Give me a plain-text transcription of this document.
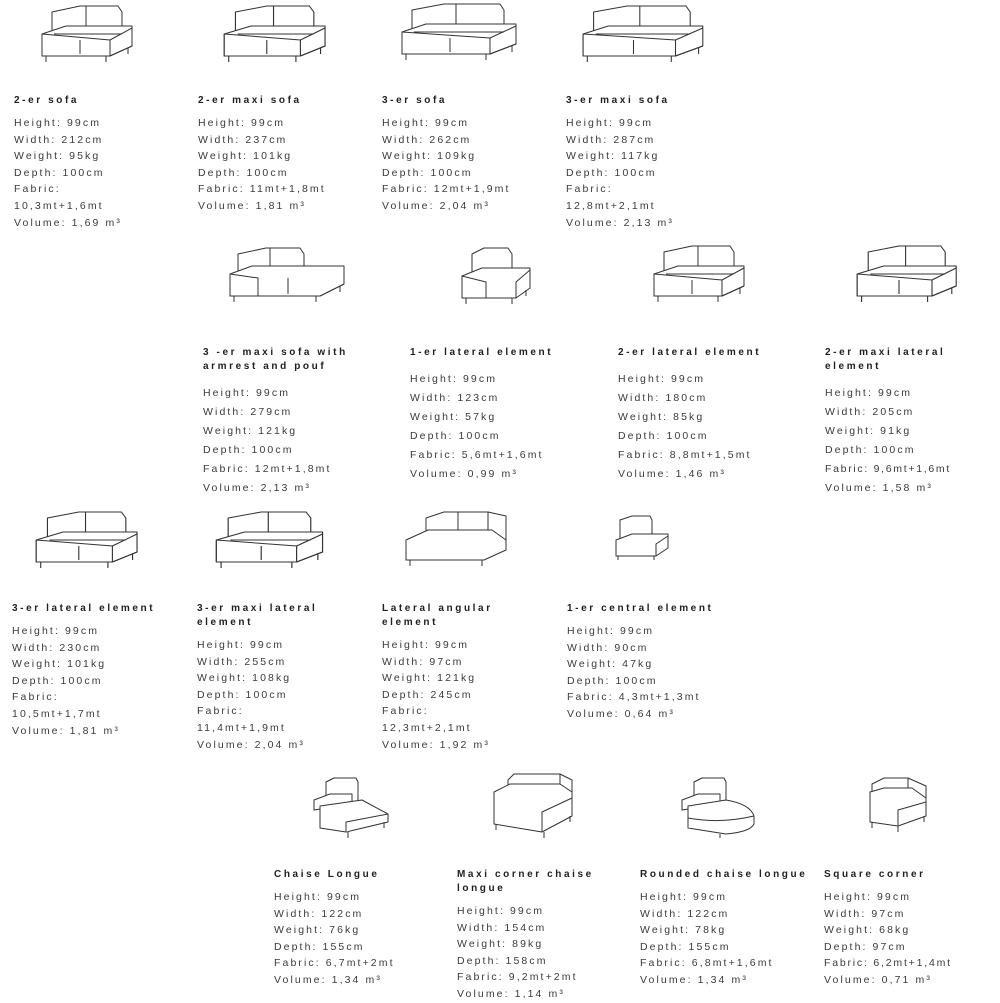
2-er sofa
Height: 99cm
Width: 212cm
Weight: 95kg
Depth: 100cm
Fabric:
10,3mt+1,6mt
Volume: 1,69 m³
2-er maxi sofa
Height: 99cm
Width: 237cm
Weight: 101kg
Depth: 100cm
Fabric: 11mt+1,8mt
Volume: 1,81 m³
3-er sofa
Height: 99cm
Width: 262cm
Weight: 109kg
Depth: 100cm
Fabric: 12mt+1,9mt
Volume: 2,04 m³
3-er maxi sofa
Height: 99cm
Width: 287cm
Weight: 117kg
Depth: 100cm
Fabric:
12,8mt+2,1mt
Volume: 2,13 m³
3 -er maxi sofa with armrest and pouf
Height: 99cm
Width: 279cm
Weight: 121kg
Depth: 100cm
Fabric: 12mt+1,8mt
Volume: 2,13 m³
1-er lateral element
Height: 99cm
Width: 123cm
Weight: 57kg
Depth: 100cm
Fabric: 5,6mt+1,6mt
Volume: 0,99 m³
2-er lateral element
Height: 99cm
Width: 180cm
Weight: 85kg
Depth: 100cm
Fabric: 8,8mt+1,5mt
Volume: 1,46 m³
2-er maxi lateral element
Height: 99cm
Width: 205cm
Weight: 91kg
Depth: 100cm
Fabric: 9,6mt+1,6mt
Volume: 1,58 m³
3-er lateral element
Height: 99cm
Width: 230cm
Weight: 101kg
Depth: 100cm
Fabric:
10,5mt+1,7mt
Volume: 1,81 m³
3-er maxi lateral element
Height: 99cm
Width: 255cm
Weight: 108kg
Depth: 100cm
Fabric:
11,4mt+1,9mt
Volume: 2,04 m³
Lateral angular element
Height: 99cm
Width: 97cm
Weight: 121kg
Depth: 245cm
Fabric:
12,3mt+2,1mt
Volume: 1,92 m³
1-er central element
Height: 99cm
Width: 90cm
Weight: 47kg
Depth: 100cm
Fabric: 4,3mt+1,3mt
Volume: 0,64 m³
Chaise Longue
Height: 99cm
Width: 122cm
Weight: 76kg
Depth: 155cm
Fabric: 6,7mt+2mt
Volume: 1,34 m³
Maxi corner chaise longue
Height: 99cm
Width: 154cm
Weight: 89kg
Depth: 158cm
Fabric: 9,2mt+2mt
Volume: 1,14 m³
Rounded chaise longue
Height: 99cm
Width: 122cm
Weight: 78kg
Depth: 155cm
Fabric: 6,8mt+1,6mt
Volume: 1,34 m³
Square corner
Height: 99cm
Width: 97cm
Weight: 68kg
Depth: 97cm
Fabric: 6,2mt+1,4mt
Volume: 0,71 m³
